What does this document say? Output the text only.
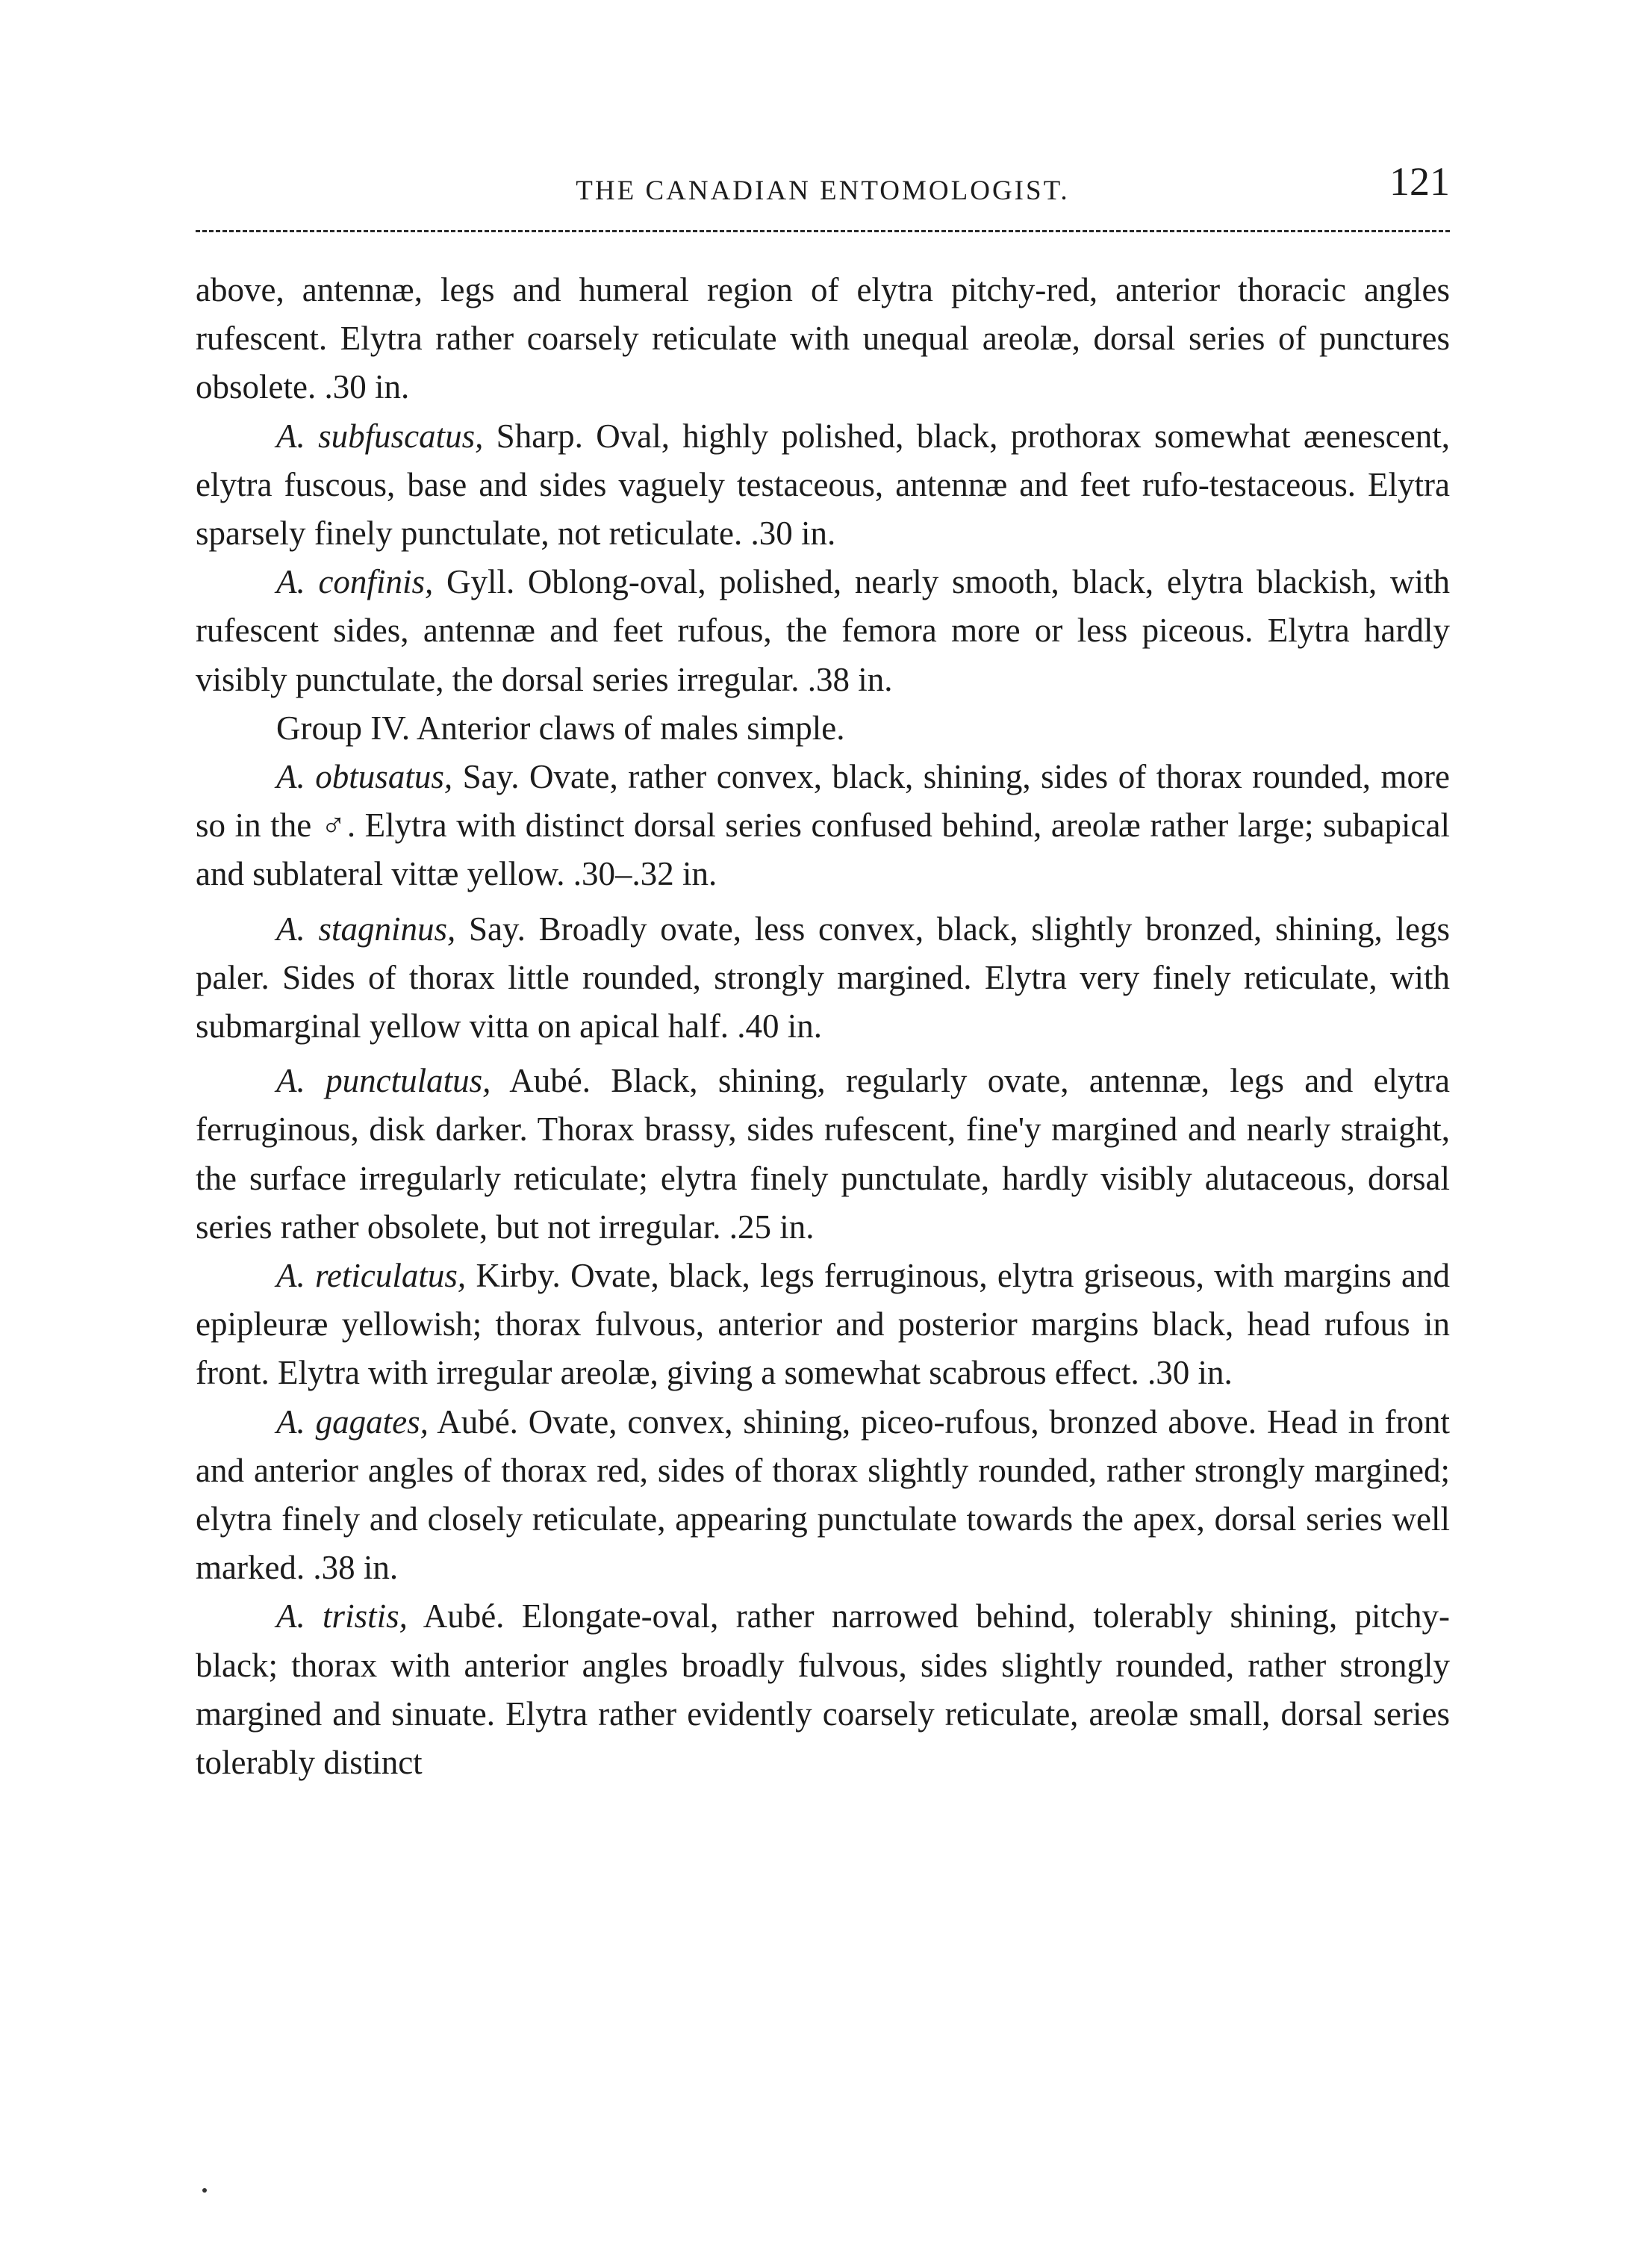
THE CANADIAN ENTOMOLOGIST.	121

above, antennæ, legs and humeral region of elytra pitchy-red, anterior thoracic angles rufescent. Elytra rather coarsely reticulate with unequal areolæ, dorsal series of punctures obsolete. .30 in.

A. subfuscatus, Sharp. Oval, highly polished, black, prothorax somewhat æenescent, elytra fuscous, base and sides vaguely testaceous, antennæ and feet rufo-testaceous. Elytra sparsely finely punctulate, not reticulate. .30 in.

A. confinis, Gyll. Oblong-oval, polished, nearly smooth, black, elytra blackish, with rufescent sides, antennæ and feet rufous, the femora more or less piceous. Elytra hardly visibly punctulate, the dorsal series irregular. .38 in.

Group IV. Anterior claws of males simple.

A. obtusatus, Say. Ovate, rather convex, black, shining, sides of thorax rounded, more so in the ♂. Elytra with distinct dorsal series confused behind, areolæ rather large; subapical and sublateral vittæ yellow. .30–.32 in.

A. stagninus, Say. Broadly ovate, less convex, black, slightly bronzed, shining, legs paler. Sides of thorax little rounded, strongly margined. Elytra very finely reticulate, with submarginal yellow vitta on apical half. .40 in.

A. punctulatus, Aubé. Black, shining, regularly ovate, antennæ, legs and elytra ferruginous, disk darker. Thorax brassy, sides rufescent, fine'y margined and nearly straight, the surface irregularly reticulate; elytra finely punctulate, hardly visibly alutaceous, dorsal series rather obsolete, but not irregular. .25 in.

A. reticulatus, Kirby. Ovate, black, legs ferruginous, elytra griseous, with margins and epipleuræ yellowish; thorax fulvous, anterior and posterior margins black, head rufous in front. Elytra with irregular areolæ, giving a somewhat scabrous effect. .30 in.

A. gagates, Aubé. Ovate, convex, shining, piceo-rufous, bronzed above. Head in front and anterior angles of thorax red, sides of thorax slightly rounded, rather strongly margined; elytra finely and closely reticulate, appearing punctulate towards the apex, dorsal series well marked. .38 in.

A. tristis, Aubé. Elongate-oval, rather narrowed behind, tolerably shining, pitchy-black; thorax with anterior angles broadly fulvous, sides slightly rounded, rather strongly margined and sinuate. Elytra rather evidently coarsely reticulate, areolæ small, dorsal series tolerably distinct
